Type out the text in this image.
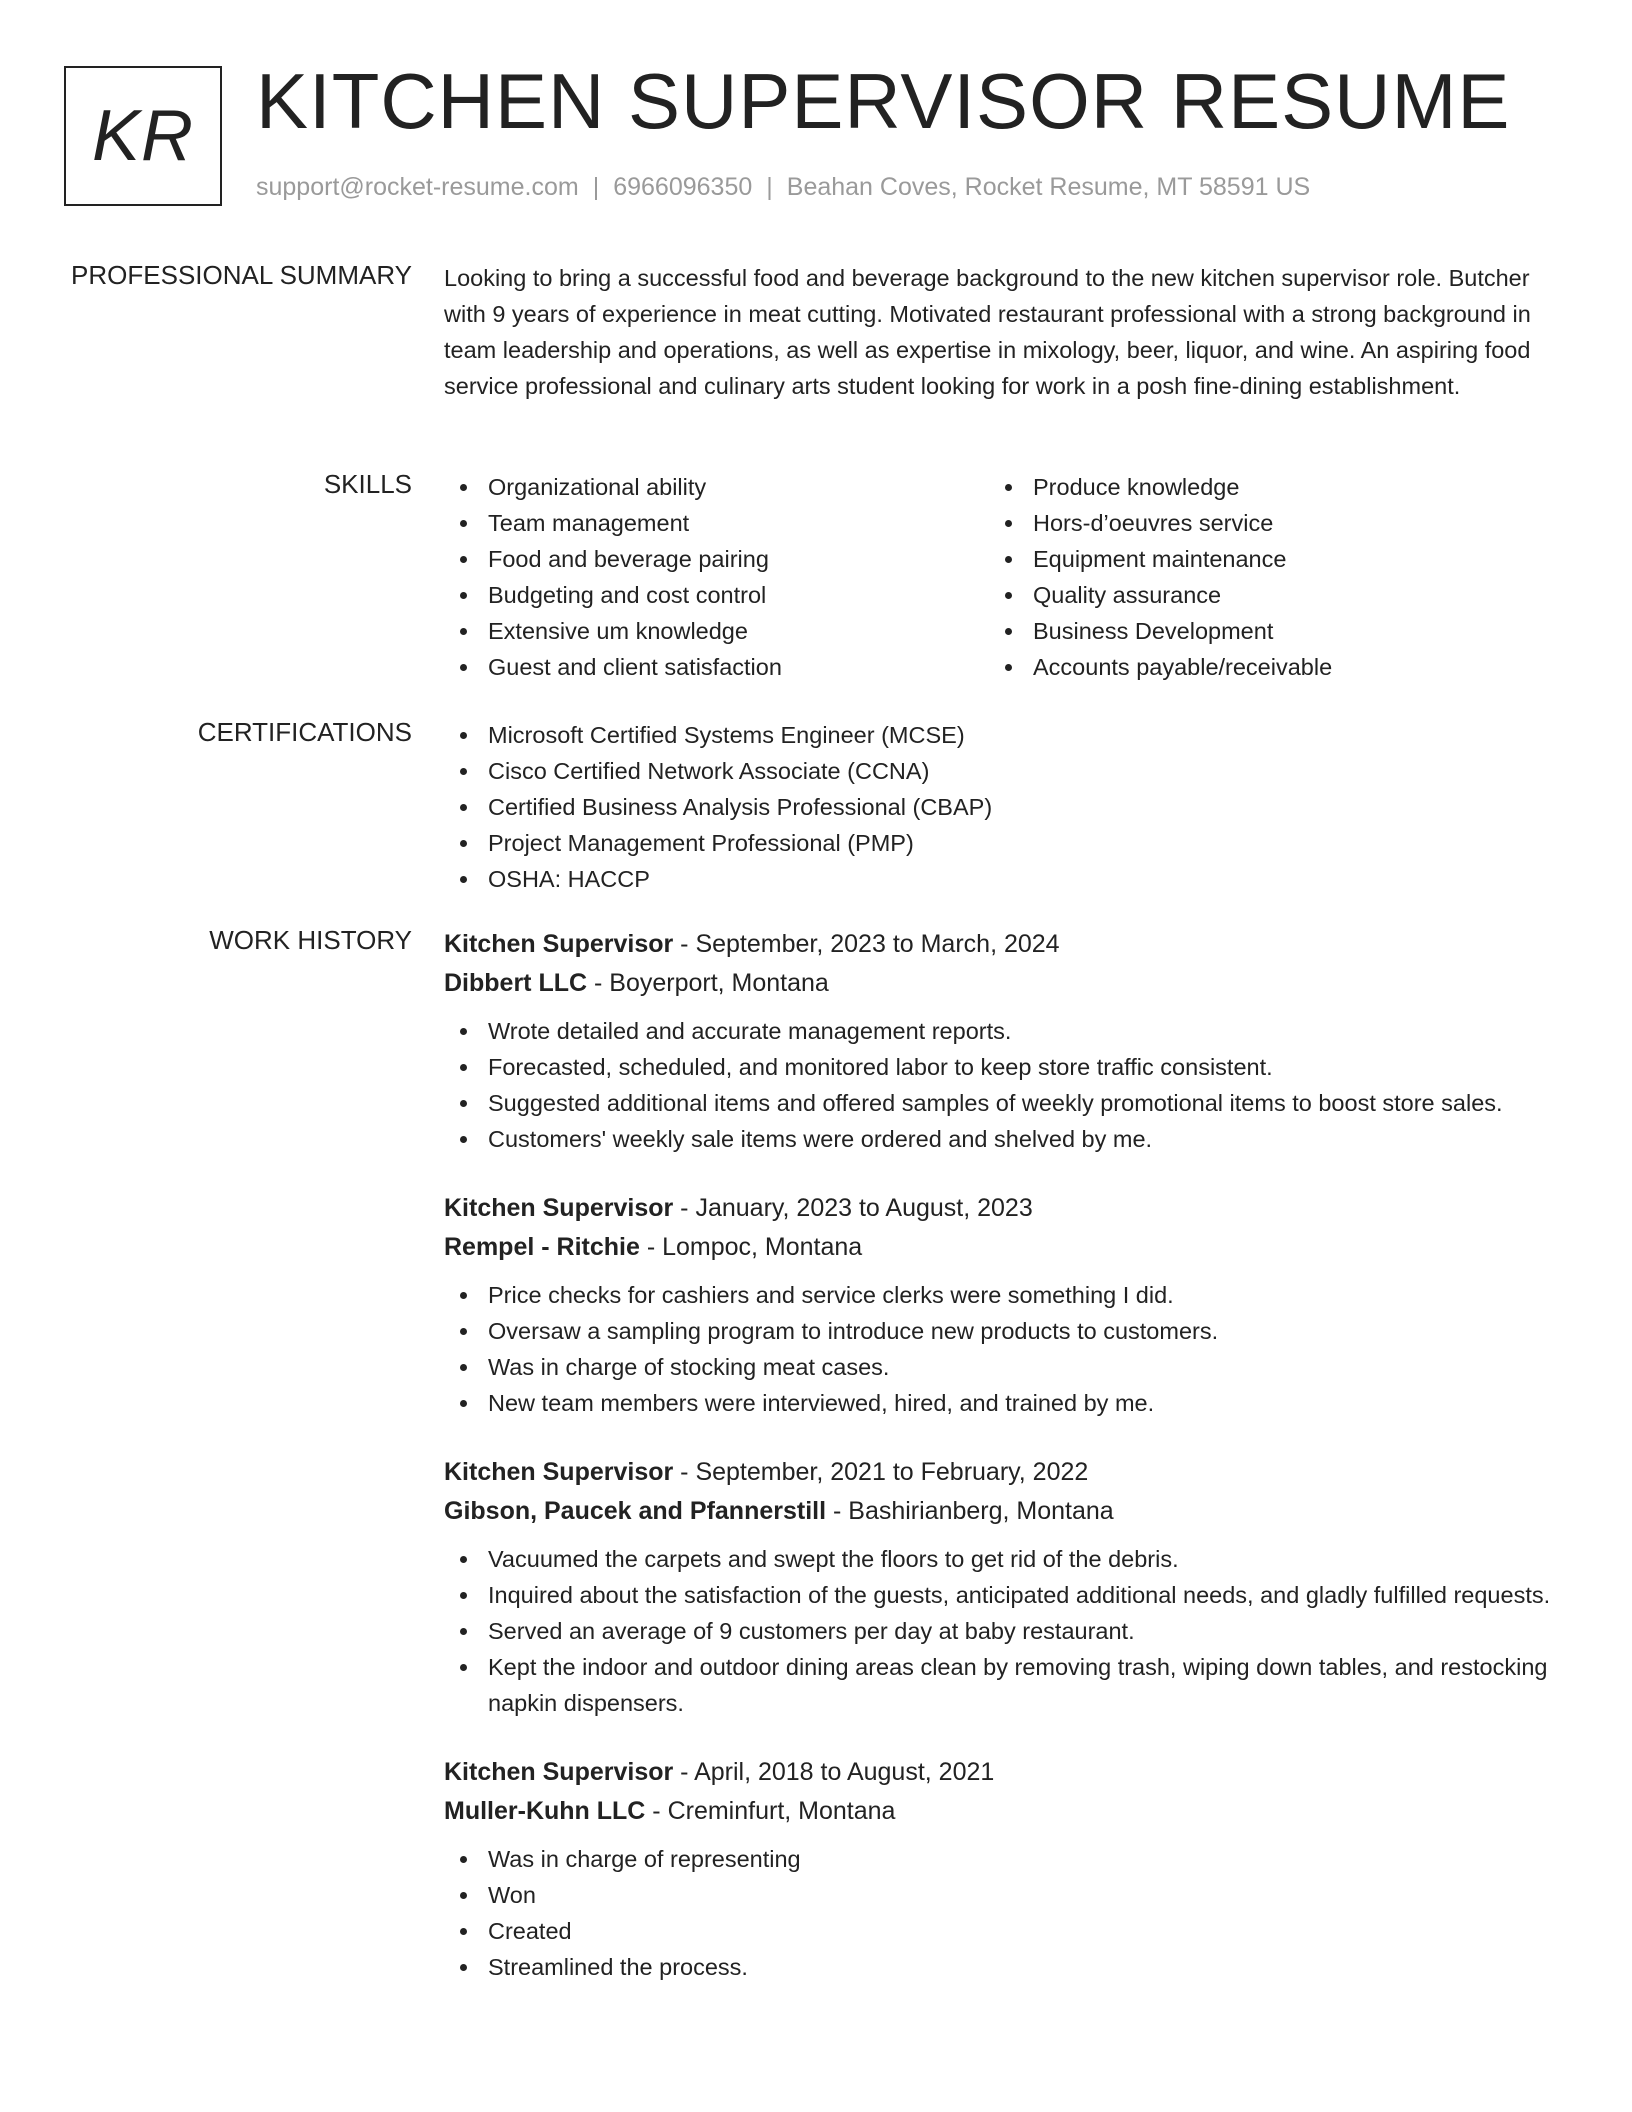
KR KITCHEN SUPERVISOR RESUME
support@rocket-resume.com | 6966096350 | Beahan Coves, Rocket Resume, MT 58591 US
PROFESSIONAL SUMMARY Looking to bring a successful food and beverage background to the new kitchen supervisor role. Butcher with 9 years of experience in meat cutting. Motivated restaurant professional with a strong background in team leadership and operations, as well as expertise in mixology, beer, liquor, and wine. An aspiring food service professional and culinary arts student looking for work in a posh fine-dining establishment.

SKILLS	Organizational ability
Team management
Food and beverage pairing
Budgeting and cost control
Extensive um knowledge
Guest and client satisfaction
Produce knowledge
Hors-d’oeuvres service
Equipment maintenance
Quality assurance
Business Development
Accounts payable/receivable
CERTIFICATIONS	Microsoft Certified Systems Engineer (MCSE)
Cisco Certified Network Associate (CCNA)
Certified Business Analysis Professional (CBAP)
Project Management Professional (PMP)
OSHA: HACCP
WORK HISTORY Kitchen Supervisor - September, 2023 to March, 2024
Dibbert LLC - Boyerport, Montana
Wrote detailed and accurate management reports.
Forecasted, scheduled, and monitored labor to keep store traffic consistent.
Suggested additional items and offered samples of weekly promotional items to boost store sales.
Customers' weekly sale items were ordered and shelved by me.
Kitchen Supervisor - January, 2023 to August, 2023
Rempel - Ritchie - Lompoc, Montana
Price checks for cashiers and service clerks were something I did.
Oversaw a sampling program to introduce new products to customers.
Was in charge of stocking meat cases.
New team members were interviewed, hired, and trained by me.
Kitchen Supervisor - September, 2021 to February, 2022
Gibson, Paucek and Pfannerstill - Bashirianberg, Montana
Vacuumed the carpets and swept the floors to get rid of the debris.
Inquired about the satisfaction of the guests, anticipated additional needs, and gladly fulfilled requests.
Served an average of 9 customers per day at baby restaurant.
Kept the indoor and outdoor dining areas clean by removing trash, wiping down tables, and restocking napkin dispensers.
Kitchen Supervisor - April, 2018 to August, 2021
Muller-Kuhn LLC - Creminfurt, Montana
Was in charge of representing
Won
Created
Streamlined the process.
